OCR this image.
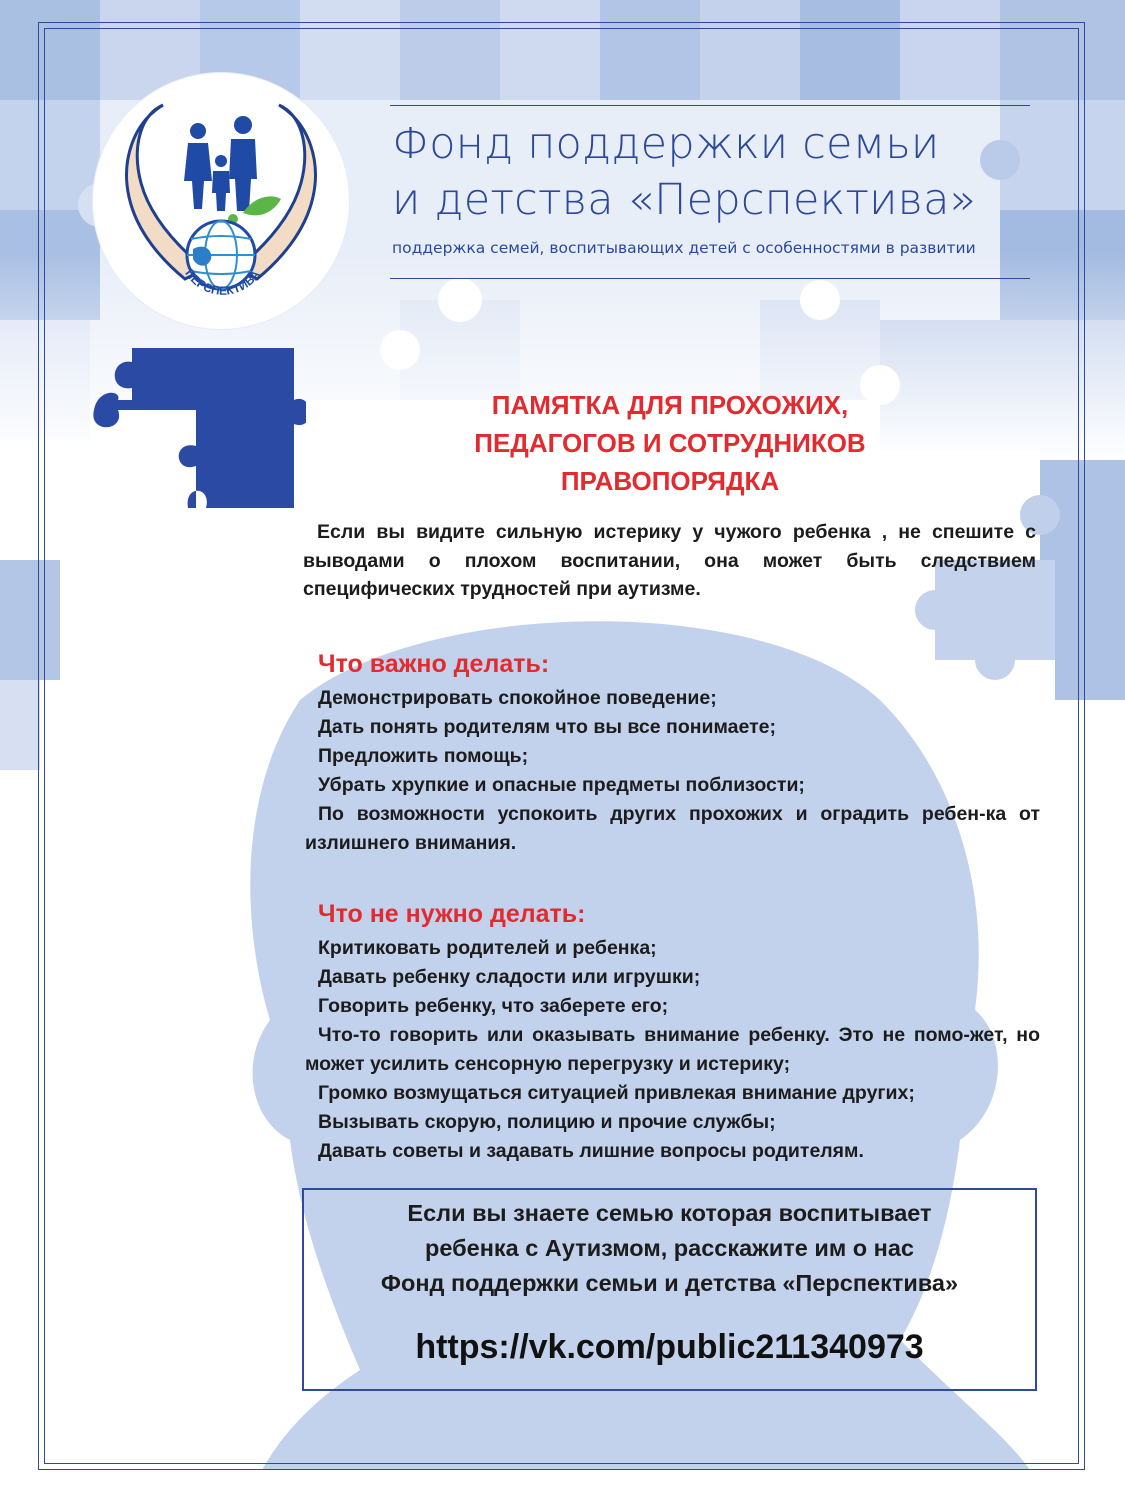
ПЕРСПЕКТИВА
Фонд поддержки семьи
и детства «Перспектива»

поддержка семей, воспитывающих детей с особенностями в развитии

ПАМЯТКА ДЛЯ ПРОХОЖИХ,
ПЕДАГОГОВ И СОТРУДНИКОВ
ПРАВОПОРЯДКА

Если вы видите сильную истерику у чужого ребенка , не спешите с выводами о плохом воспитании, она может быть следствием специфических трудностей при аутизме.

Что важно делать:
Демонстрировать спокойное поведение;
Дать понять родителям что вы все понимаете;
Предложить помощь;
Убрать хрупкие и опасные предметы поблизости;
По возможности успокоить других прохожих и оградить ребен-ка от излишнего внимания.
Что не нужно делать:
Критиковать родителей и ребенка;
Давать ребенку сладости или игрушки;
Говорить ребенку, что заберете его;
Что-то говорить или оказывать внимание ребенку. Это не помо-жет, но может усилить сенсорную перегрузку и истерику;
Громко возмущаться ситуацией привлекая внимание других;
Вызывать скорую, полицию и прочие службы;
Давать советы и задавать лишние вопросы родителям.

Если вы знаете семью которая воспитывает
ребенка с Аутизмом, расскажите им о нас
Фонд поддержки семьи и детства «Перспектива»

https://vk.com/public211340973
